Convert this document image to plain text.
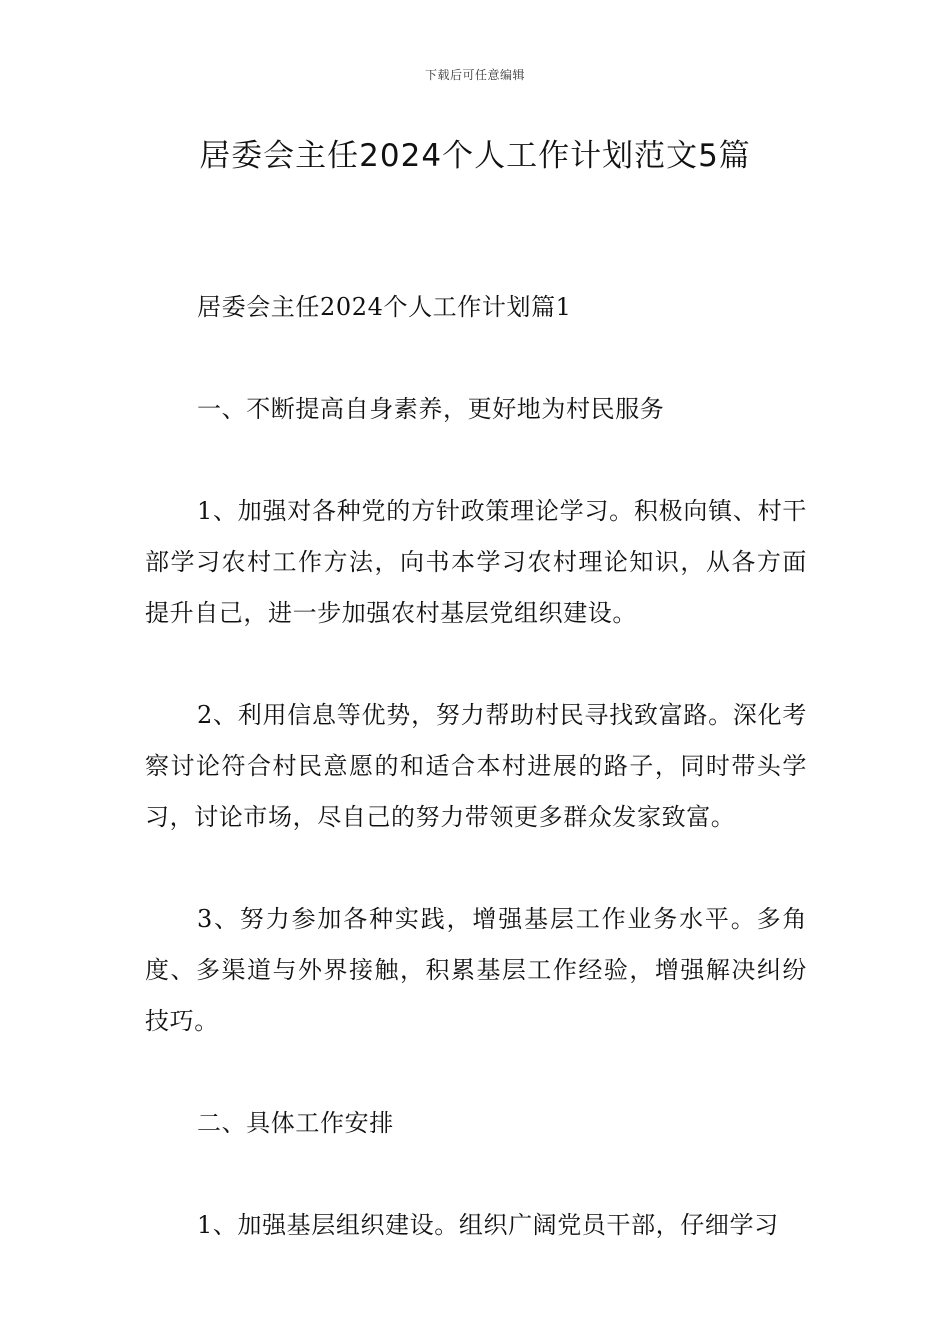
下载后可任意编辑
居委会主任2024个人工作计划范文5篇

居委会主任2024个人工作计划篇1

一、不断提高自身素养，更好地为村民服务

1、加强对各种党的方针政策理论学习。积极向镇、村干部学习农村工作方法，向书本学习农村理论知识，从各方面提升自己，进一步加强农村基层党组织建设。

2、利用信息等优势，努力帮助村民寻找致富路。深化考察讨论符合村民意愿的和适合本村进展的路子，同时带头学习，讨论市场，尽自己的努力带领更多群众发家致富。

3、努力参加各种实践，增强基层工作业务水平。多角度、多渠道与外界接触，积累基层工作经验，增强解决纠纷技巧。

二、具体工作安排

1、加强基层组织建设。组织广阔党员干部，仔细学习
